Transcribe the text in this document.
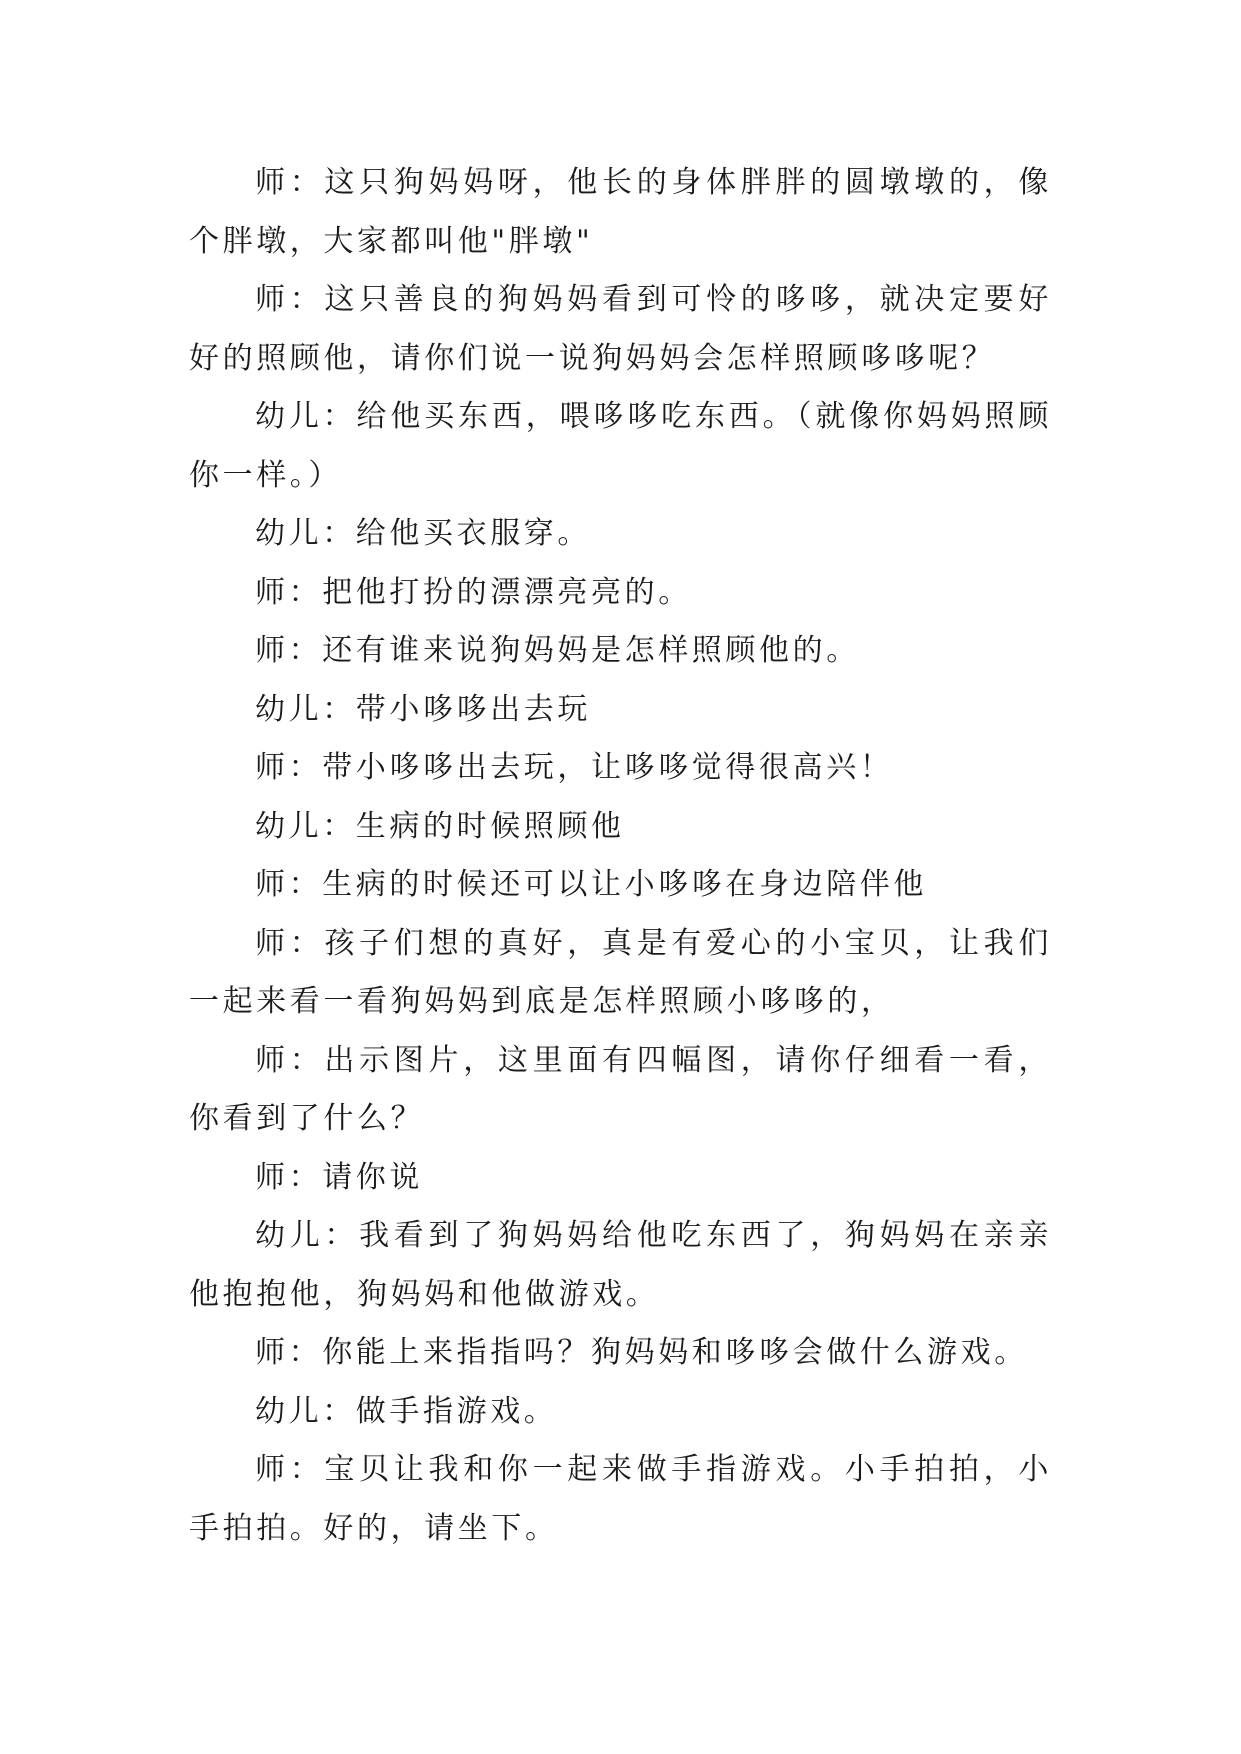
师：这只狗妈妈呀，他长的身体胖胖的圆墩墩的，像个胖墩，大家都叫他"胖墩"

师：这只善良的狗妈妈看到可怜的哆哆，就决定要好好的照顾他，请你们说一说狗妈妈会怎样照顾哆哆呢？

幼儿：给他买东西，喂哆哆吃东西。（就像你妈妈照顾你一样。）

幼儿：给他买衣服穿。

师：把他打扮的漂漂亮亮的。

师：还有谁来说狗妈妈是怎样照顾他的。

幼儿：带小哆哆出去玩

师：带小哆哆出去玩，让哆哆觉得很高兴！

幼儿：生病的时候照顾他

师：生病的时候还可以让小哆哆在身边陪伴他

师：孩子们想的真好，真是有爱心的小宝贝，让我们一起来看一看狗妈妈到底是怎样照顾小哆哆的，

师：出示图片，这里面有四幅图，请你仔细看一看，你看到了什么？

师：请你说

幼儿：我看到了狗妈妈给他吃东西了，狗妈妈在亲亲他抱抱他，狗妈妈和他做游戏。

师：你能上来指指吗？狗妈妈和哆哆会做什么游戏。

幼儿：做手指游戏。

师：宝贝让我和你一起来做手指游戏。小手拍拍，小手拍拍。好的，请坐下。
